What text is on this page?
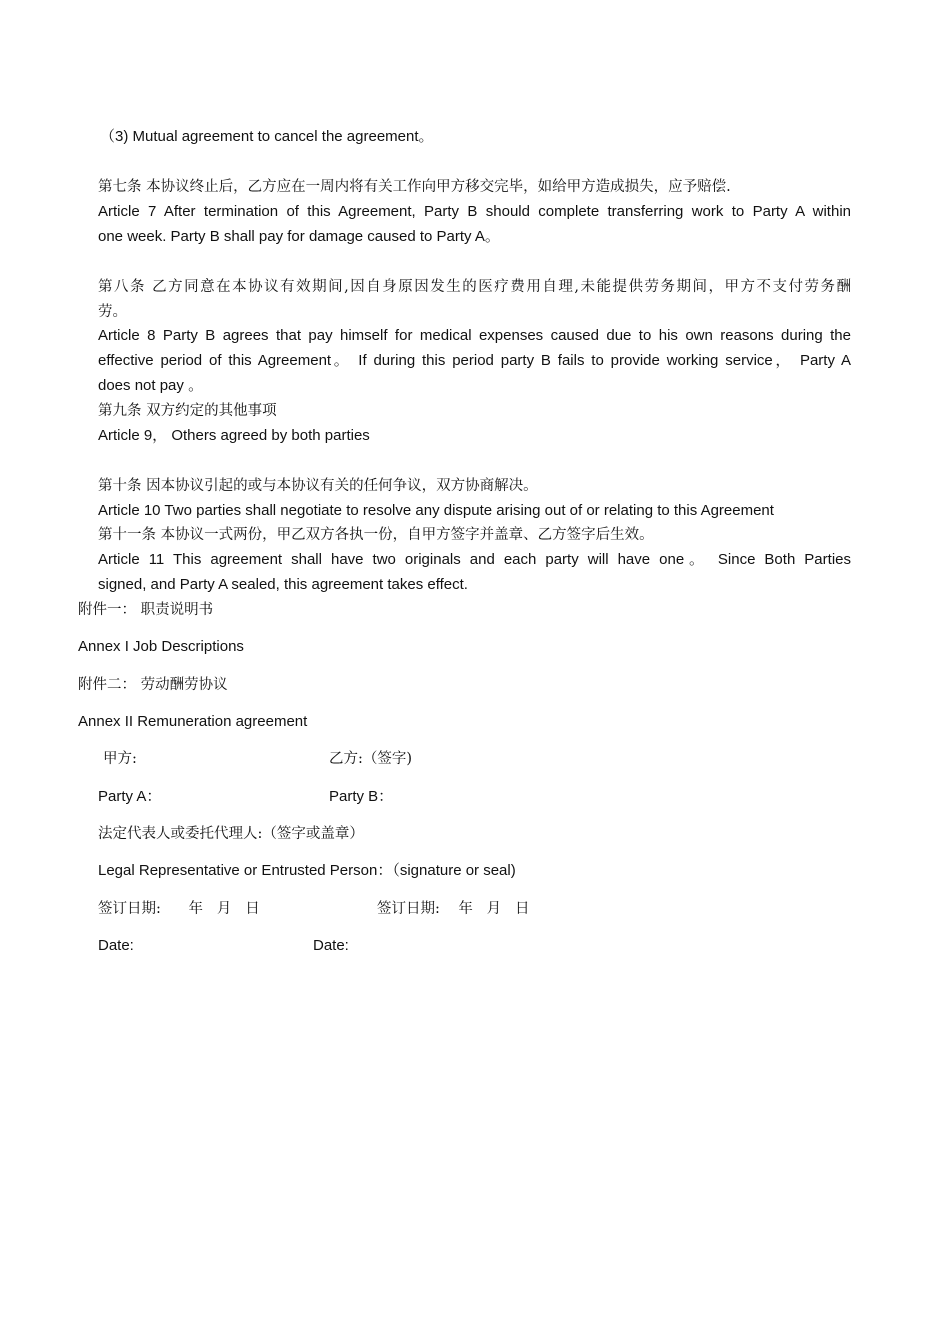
（3) Mutual agreement to cancel the agreement。
第七条 本协议终止后，乙方应在一周内将有关工作向甲方移交完毕，如给甲方造成损失，应予赔偿.
Article 7 After termination of this Agreement, Party B should complete transferring work to Party A within
one week. Party B shall pay for damage caused to Party A。
第八条 乙方同意在本协议有效期间,因自身原因发生的医疗费用自理,未能提供劳务期间，甲方不支付劳务酬
劳。
Article 8 Party B agrees that pay himself for medical expenses caused due to his own reasons during the
effective period of this Agreement。 If during this period party B fails to provide working service， Party A
does not pay 。
第九条 双方约定的其他事项
Article 9， Others agreed by both parties
第十条 因本协议引起的或与本协议有关的任何争议，双方协商解决。
Article 10 Two parties shall negotiate to resolve any dispute arising out of or relating to this Agreement
第十一条 本协议一式两份，甲乙双方各执一份，自甲方签字并盖章、乙方签字后生效。
Article 11 This agreement shall have two originals and each party will have one。 Since Both Parties
signed, and Party A sealed, this agreement takes effect.
附件一： 职责说明书
Annex I Job Descriptions
附件二： 劳动酬劳协议
Annex II Remuneration agreement
甲方:	乙方:（签字)
Party A：	Party B：
法定代表人或委托代理人:（签字或盖章）
Legal Representative or Entrusted Person：（signature or seal)
签订日期:      年   月   日	签订日期:    年   月   日
Date:	Date:
